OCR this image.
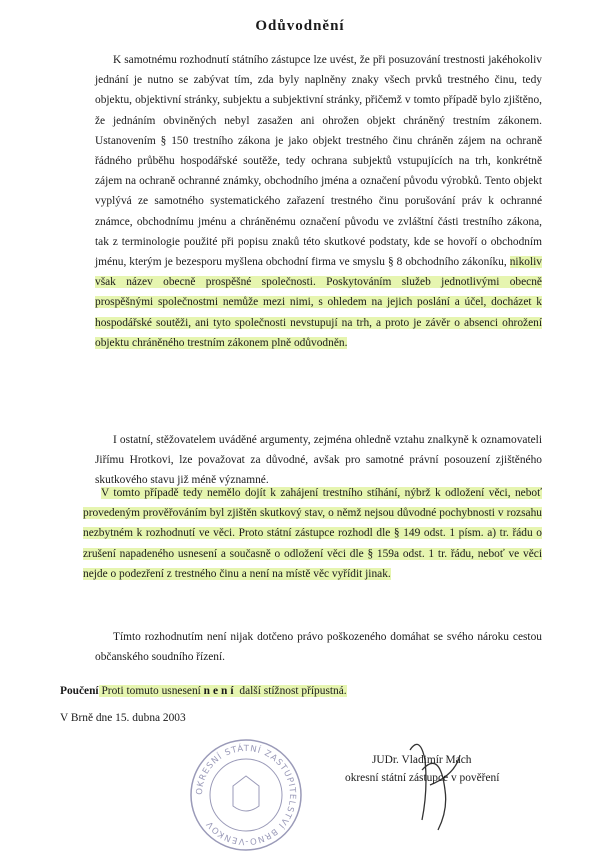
Odůvodnění
K samotnému rozhodnutí státního zástupce lze uvést, že při posuzování trestnosti jakéhokoliv jednání je nutno se zabývat tím, zda byly naplněny znaky všech prvků trestného činu, tedy objektu, objektivní stránky, subjektu a subjektivní stránky, přičemž v tomto případě bylo zjištěno, že jednáním obviněných nebyl zasažen ani ohrožen objekt chráněný trestním zákonem. Ustanovením § 150 trestního zákona je jako objekt trestného činu chráněn zájem na ochraně řádného průběhu hospodářské soutěže, tedy ochrana subjektů vstupujících na trh, konkrétně zájem na ochraně ochranné známky, obchodního jména a označení původu výrobků. Tento objekt vyplývá ze samotného systematického zařazení trestného činu porušování práv k ochranné známce, obchodnímu jménu a chráněnému označení původu ve zvláštní části trestního zákona, tak z terminologie použité při popisu znaků této skutkové podstaty, kde se hovoří o obchodním jménu, kterým je bezesporu myšlena obchodní firma ve smyslu § 8 obchodního zákoníku, nikoliv však název obecně prospěšné společnosti. Poskytováním služeb jednotlivými obecně prospěšnými společnostmi nemůže mezi nimi, s ohledem na jejich poslání a účel, docházet k hospodářské soutěži, ani tyto společnosti nevstupují na trh, a proto je závěr o absenci ohrožení objektu chráněného trestním zákonem plně odůvodněn.
I ostatní, stěžovatelem uváděné argumenty, zejména ohledně vztahu znalkyně k oznamovateli Jiřímu Hrotkovi, lze považovat za důvodné, avšak pro samotné právní posouzení zjištěného skutkového stavu již méně významné.
V tomto případě tedy nemělo dojít k zahájení trestního stíhání, nýbrž k odložení věci, neboť provedeným prověřováním byl zjištěn skutkový stav, o němž nejsou důvodné pochybnosti v rozsahu nezbytném k rozhodnutí ve věci. Proto státní zástupce rozhodl dle § 149 odst. 1 písm. a) tr. řádu o zrušení napadeného usnesení a současně o odložení věci dle § 159a odst. 1 tr. řádu, neboť ve věci nejde o podezření z trestného činu a není na místě věc vyřídit jinak.
Tímto rozhodnutím není nijak dotčeno právo poškozeného domáhat se svého nároku cestou občanského soudního řízení.
Poučení Proti tomuto usnesení není další stížnost přípustná.
V Brně dne 15. dubna 2003
OKRESNÍ STÁTNÍ ZASTUPITELSTVÍ BRNO-VENKOV
JUDr. Vladimír Mach
okresní státní zástupce v pověření
